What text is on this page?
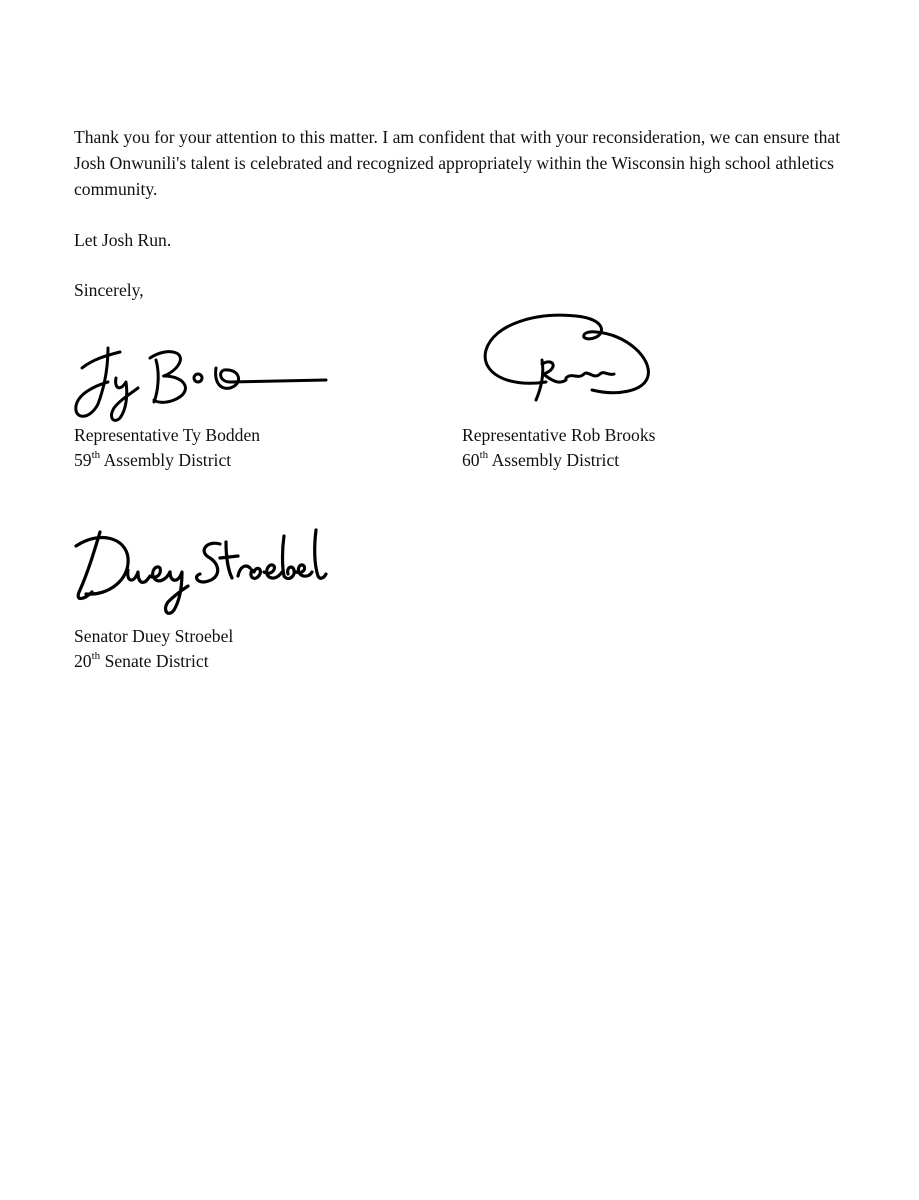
Thank you for your attention to this matter. I am confident that with your reconsideration, we can ensure that Josh Onwunili's talent is celebrated and recognized appropriately within the Wisconsin high school athletics community.

Let Josh Run.

Sincerely,

Representative Ty Bodden
59th Assembly District
Representative Rob Brooks
60th Assembly District
Senator Duey Stroebel
20th Senate District
